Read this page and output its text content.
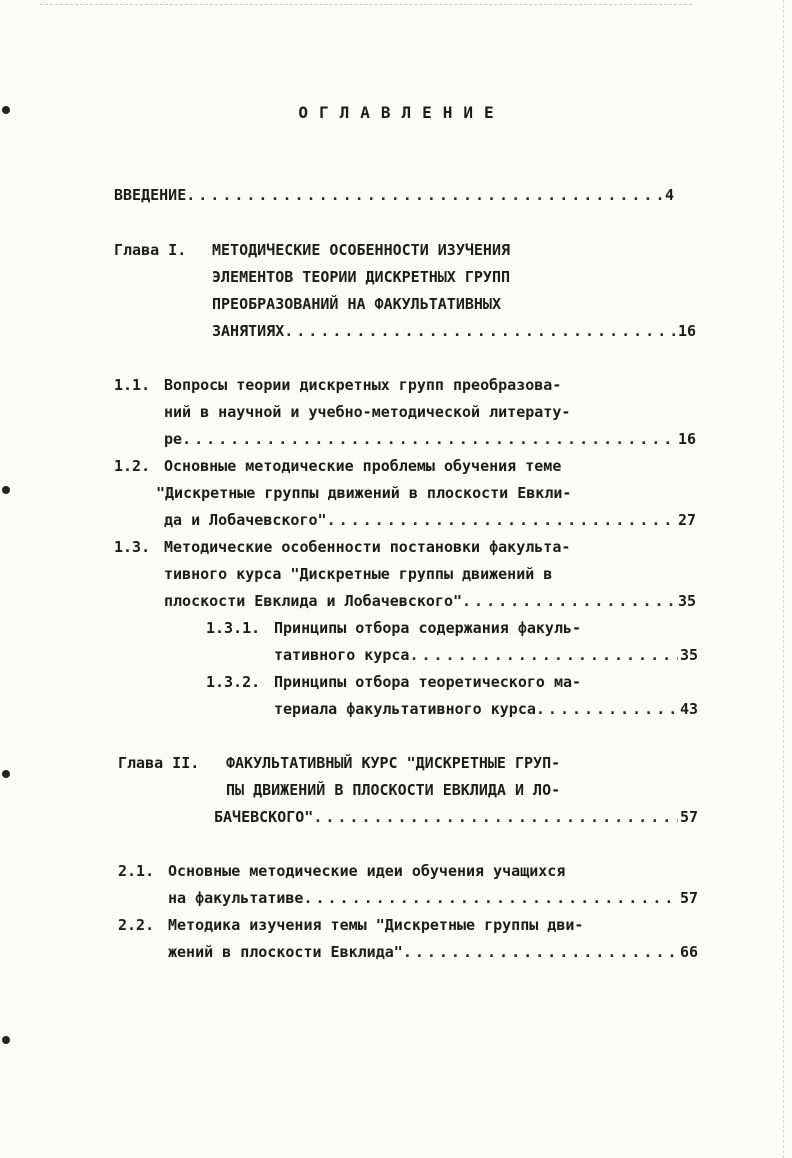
ОГЛАВЛЕНИЕ
ВВЕДЕНИЕ .....	4
Глава I. МЕТОДИЧЕСКИЕ ОСОБЕННОСТИ ИЗУЧЕНИЯ
ЭЛЕМЕНТОВ ТЕОРИИ ДИСКРЕТНЫХ ГРУПП
ПРЕОБРАЗОВАНИЙ НА ФАКУЛЬТАТИВНЫХ
ЗАНЯТИЯХ .....	16
1.1. Вопросы теории дискретных групп преобразова-
ний в научной и учебно-методической литерату-
ре .....	16
1.2. Основные методические проблемы обучения теме
"Дискретные группы движений в плоскости Евкли-
да и Лобачевского" .....	27
1.3. Методические особенности постановки факульта-
тивного курса "Дискретные группы движений в
плоскости Евклида и Лобачевского" .....	35
1.3.1. Принципы отбора содержания факуль-
тативного курса .....	35
1.3.2. Принципы отбора теоретического ма-
териала факультативного курса .....	43
Глава II. ФАКУЛЬТАТИВНЫЙ КУРС "ДИСКРЕТНЫЕ ГРУП-
ПЫ ДВИЖЕНИЙ В ПЛОСКОСТИ ЕВКЛИДА И ЛО-
БАЧЕВСКОГО" .....	57
2.1. Основные методические идеи обучения учащихся
на факультативе .....	57
2.2. Методика изучения темы "Дискретные группы дви-
жений в плоскости Евклида" .....	66
